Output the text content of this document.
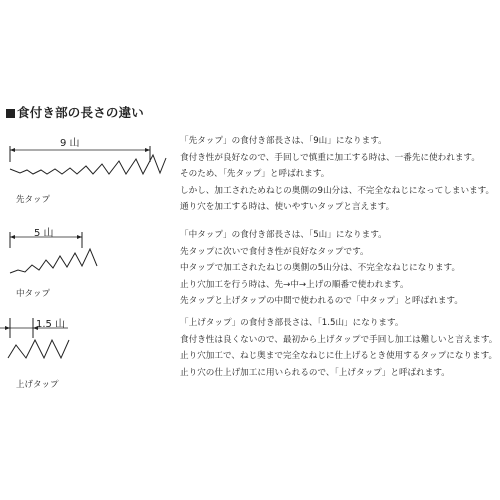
食付き部の長さの違い
9 山
先タップ
「先タップ」の食付き部長さは、「9山」になります。
食付き性が良好なので、手回しで慎重に加工する時は、一番先に使われます。
そのため、「先タップ」と呼ばれます。
しかし、加工されためねじの奥側の9山分は、不完全なねじになってしまいます。
通り穴を加工する時は、使いやすいタップと言えます。
5 山
中タップ
「中タップ」の食付き部長さは、「5山」になります。
先タップに次いで食付き性が良好なタップです。
中タップで加工されたねじの奥側の5山分は、不完全なねじになります。
止り穴加工を行う時は、先→中→上げの順番で使われます。
先タップと上げタップの中間で使われるので「中タップ」と呼ばれます。
1.5 山
上げタップ
「上げタップ」の食付き部長さは、「1.5山」になります。
食付き性は良くないので、最初から上げタップで手回し加工は難しいと言えます。
止り穴加工で、ねじ奥まで完全なねじに仕上げるとき使用するタップになります。
止り穴の仕上げ加工に用いられるので、「上げタップ」と呼ばれます。
